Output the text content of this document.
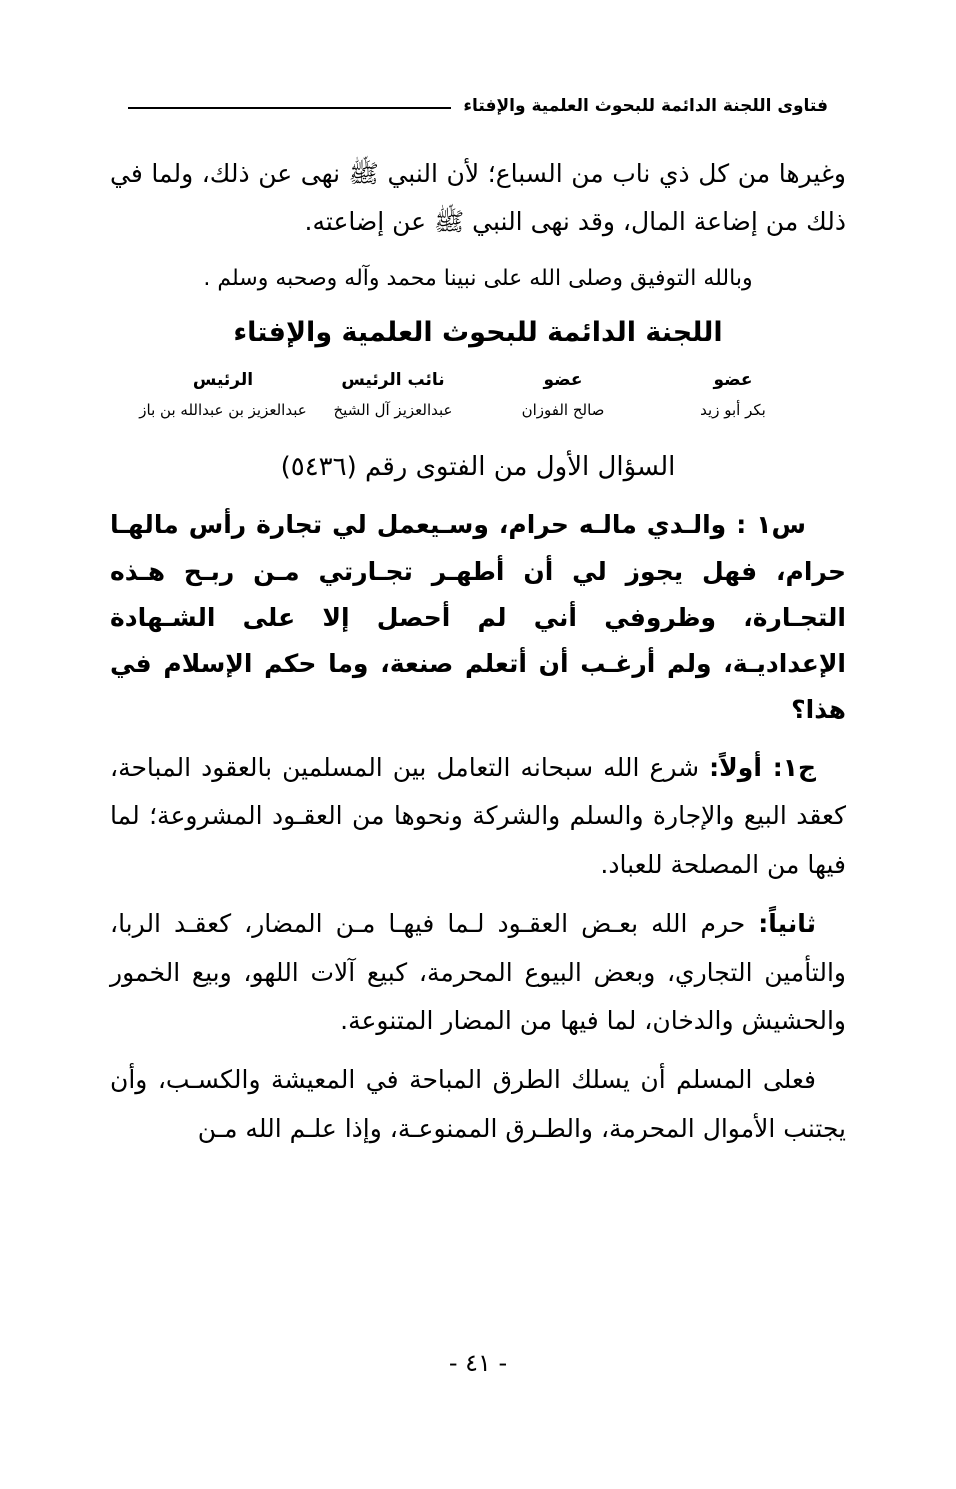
فتاوى اللجنة الدائمة للبحوث العلمية والإفتاء

وغيرها من كل ذي ناب من السباع؛ لأن النبي ﷺ نهى عن ذلك، ولما في ذلك من إضاعة المال، وقد نهى النبي ﷺ عن إضاعته.

وبالله التوفيق وصلى الله على نبينا محمد وآله وصحبه وسلم .

اللجنة الدائمة للبحوث العلمية والإفتاء
عضو
بكر أبو زيد
عضو
صالح الفوزان
نائب الرئيس
عبدالعزيز آل الشيخ
الرئيس
عبدالعزيز بن عبدالله بن باز
السؤال الأول من الفتوى رقم (٥٤٣٦)

س١ : والـدي مالـه حرام، وسـيعمل لي تجارة رأس مالهـا حرام، فهل يجوز لي أن أطهـر تجـارتي مـن ربـح هـذه التجـارة، وظروفي أني لم أحصل إلا على الشـهادة الإعداديـة، ولم أرغـب أن أتعلم صنعة، وما حكم الإسلام في هذا؟

ج١: أولاً: شرع الله سبحانه التعامل بين المسلمين بالعقود المباحة، كعقد البيع والإجارة والسلم والشركة ونحوها من العقـود المشروعة؛ لما فيها من المصلحة للعباد.

ثانياً: حرم الله بعـض العقـود لـما فيهـا مـن المضار، كعقـد الربا، والتأمين التجاري، وبعض البيوع المحرمة، كبيع آلات اللهو، وبيع الخمور والحشيش والدخان، لما فيها من المضار المتنوعة.

فعلى المسلم أن يسلك الطرق المباحة في المعيشة والكسـب، وأن يجتنب الأموال المحرمة، والطـرق الممنوعـة، وإذا علـم الله مـن

- ٤١ -
